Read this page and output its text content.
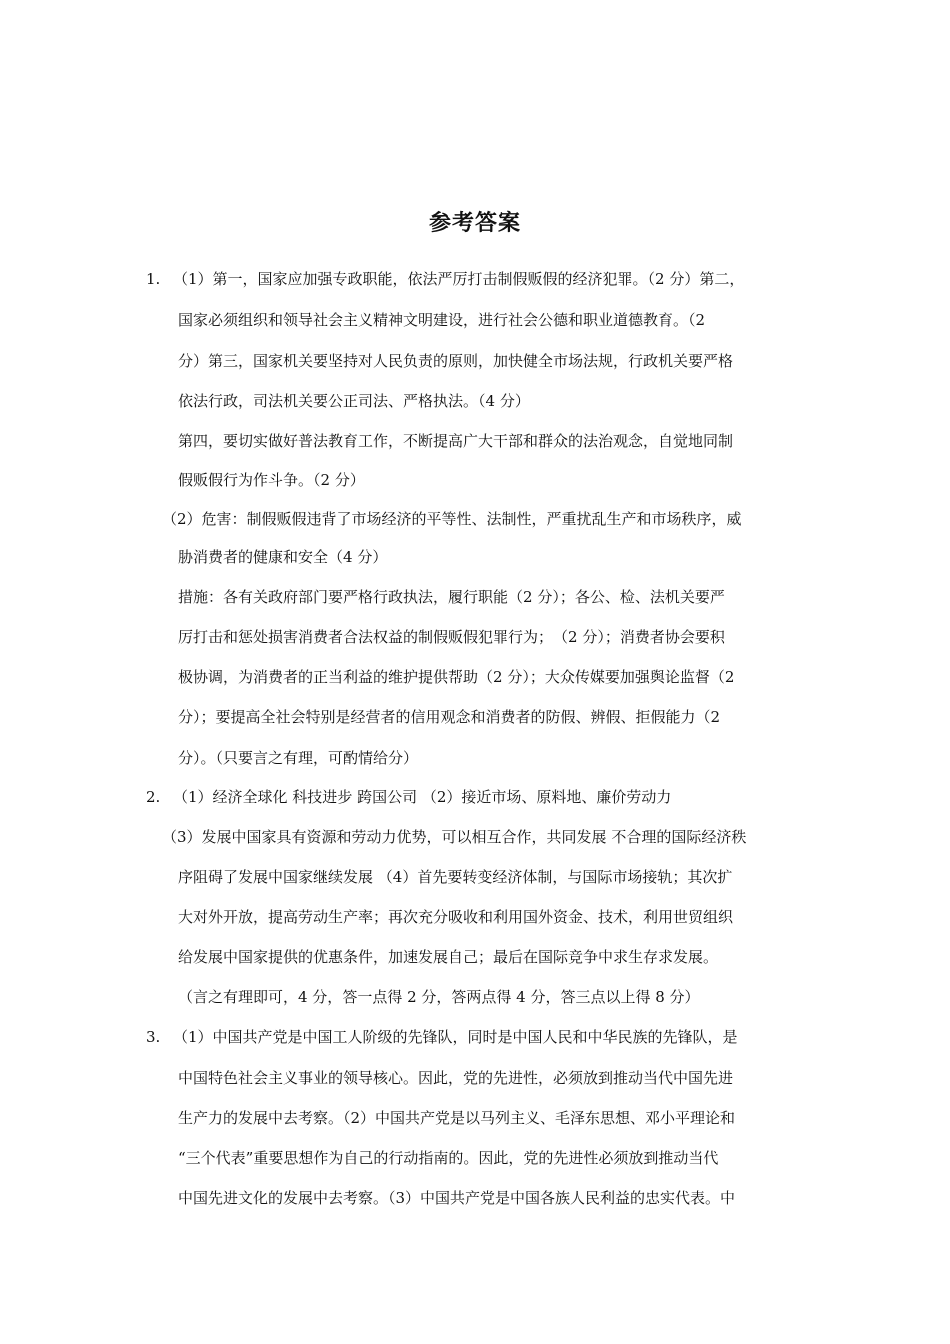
参考答案
1. （1）第一，国家应加强专政职能，依法严厉打击制假贩假的经济犯罪。（2 分）第二，
国家必须组织和领导社会主义精神文明建设，进行社会公德和职业道德教育。（2
分）第三，国家机关要坚持对人民负责的原则，加快健全市场法规，行政机关要严格
依法行政，司法机关要公正司法、严格执法。（4 分）
第四，要切实做好普法教育工作，不断提高广大干部和群众的法治观念，自觉地同制
假贩假行为作斗争。（2 分）
（2）危害：制假贩假违背了市场经济的平等性、法制性，严重扰乱生产和市场秩序，威
胁消费者的健康和安全（4 分）
措施：各有关政府部门要严格行政执法，履行职能（2 分）；各公、检、法机关要严
厉打击和惩处损害消费者合法权益的制假贩假犯罪行为；　（2 分）；消费者协会要积
极协调，为消费者的正当利益的维护提供帮助（2 分）；大众传媒要加强舆论监督（2
分）；要提高全社会特别是经营者的信用观念和消费者的防假、辨假、拒假能力（2
分）。（只要言之有理，可酌情给分）
2. （1）经济全球化 科技进步 跨国公司 （2）接近市场、原料地、廉价劳动力
（3）发展中国家具有资源和劳动力优势，可以相互合作，共同发展 不合理的国际经济秩
序阻碍了发展中国家继续发展 （4）首先要转变经济体制，与国际市场接轨；其次扩
大对外开放，提高劳动生产率；再次充分吸收和利用国外资金、技术，利用世贸组织
给发展中国家提供的优惠条件，加速发展自己；最后在国际竞争中求生存求发展。
（言之有理即可，4 分，答一点得 2 分，答两点得 4 分，答三点以上得 8 分）
3. （1）中国共产党是中国工人阶级的先锋队，同时是中国人民和中华民族的先锋队，是
中国特色社会主义事业的领导核心。因此，党的先进性，必须放到推动当代中国先进
生产力的发展中去考察。（2）中国共产党是以马列主义、毛泽东思想、邓小平理论和
“三个代表”重要思想作为自己的行动指南的。因此，党的先进性必须放到推动当代
中国先进文化的发展中去考察。（3）中国共产党是中国各族人民利益的忠实代表。中
